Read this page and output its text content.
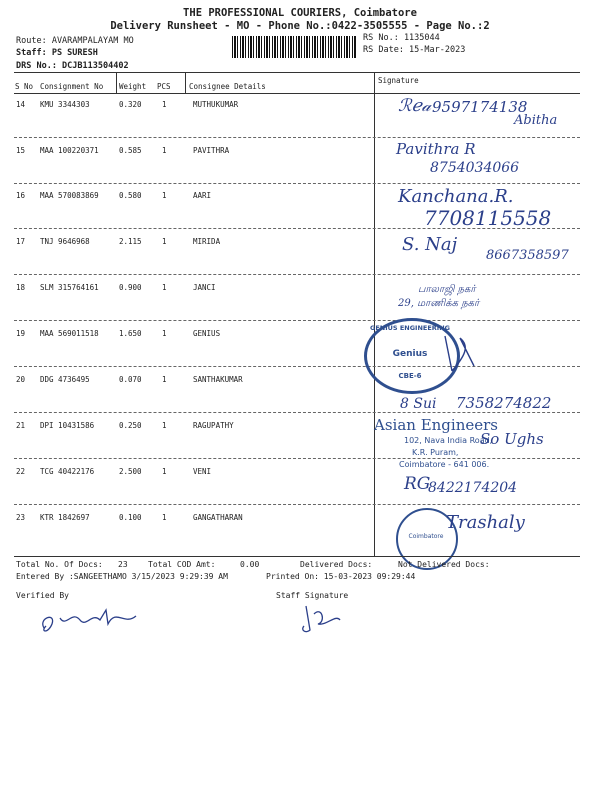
THE PROFESSIONAL COURIERS, Coimbatore
Delivery Runsheet - MO - Phone No.:0422-3505555 - Page No.:2
Route: AVARAMPALAYAM MO
Staff: PS SURESH
DRS No.: DCJB113504402
RS No.: 1135044
RS Date: 15-Mar-2023
S No Consignment No Weight PCS Consignee Details
Signature
14 KMU 3344303	0.320	1	MUTHUKUMAR
15 MAA 100220371	0.585	1	PAVITHRA
16 MAA 570083869	0.580	1	AARI
17 TNJ 9646968	2.115	1	MIRIDA
18 SLM 315764161	0.900	1	JANCI
19 MAA 569011518	1.650	1	GENIUS
20 DDG 4736495	0.070	1	SANTHAKUMAR
21 DPI 10431586	0.250	1	RAGUPATHY
22 TCG 40422176	2.500	1	VENI
23 KTR 1842697	0.100	1	GANGATHARAN
ℛℯ𝒶 9597174138
Abitha
Pavithra R
8754034066
Kanchana.R.
7708115558
S. Naj
8667358597
பாலாஜி நகர்
29, மாணிக்க நகர்
GENIUS ENGINEERING
Genius
CBE-6
8 Sui 7358274822
Asian Engineers
102, Nava India Road,
K.R. Puram,
Coimbatore - 641 006.
So Ughs
RG
8422174204
Coimbatore
Trashaly
Total No. Of Docs: 23	Total COD Amt:	0.00	Delivered Docs:	Not Delivered Docs:
Entered By :SANGEETHAMO 3/15/2023 9:29:39 AM	Printed On: 15-03-2023 09:29:44
Verified By	Staff Signature
